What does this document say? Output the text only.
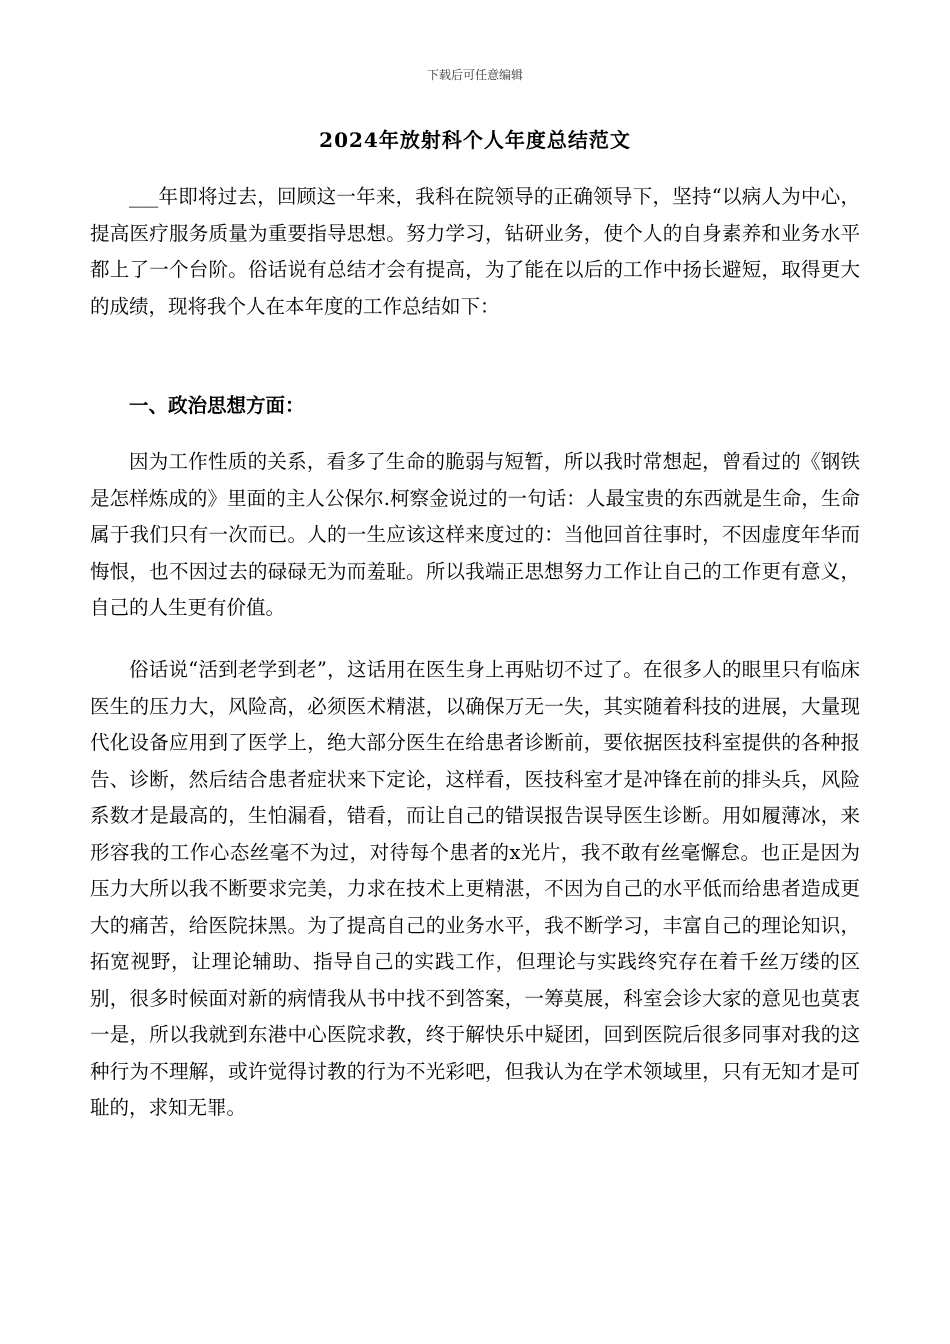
下载后可任意编辑
2024年放射科个人年度总结范文

___年即将过去，回顾这一年来，我科在院领导的正确领导下，坚持“以病人为中心，提高医疗服务质量为重要指导思想。努力学习，钻研业务，使个人的自身素养和业务水平都上了一个台阶。俗话说有总结才会有提高，为了能在以后的工作中扬长避短，取得更大的成绩，现将我个人在本年度的工作总结如下：

一、政治思想方面：

因为工作性质的关系，看多了生命的脆弱与短暂，所以我时常想起，曾看过的《钢铁是怎样炼成的》里面的主人公保尔.柯察金说过的一句话：人最宝贵的东西就是生命，生命属于我们只有一次而已。人的一生应该这样来度过的：当他回首往事时，不因虚度年华而悔恨，也不因过去的碌碌无为而羞耻。所以我端正思想努力工作让自己的工作更有意义，自己的人生更有价值。

俗话说“活到老学到老”，这话用在医生身上再贴切不过了。在很多人的眼里只有临床医生的压力大，风险高，必须医术精湛，以确保万无一失，其实随着科技的进展，大量现代化设备应用到了医学上，绝大部分医生在给患者诊断前，要依据医技科室提供的各种报告、诊断，然后结合患者症状来下定论，这样看，医技科室才是冲锋在前的排头兵，风险系数才是最高的，生怕漏看，错看，而让自己的错误报告误导医生诊断。用如履薄冰，来形容我的工作心态丝毫不为过，对待每个患者的x光片，我不敢有丝毫懈怠。也正是因为压力大所以我不断要求完美，力求在技术上更精湛，不因为自己的水平低而给患者造成更大的痛苦，给医院抹黑。为了提高自己的业务水平，我不断学习，丰富自己的理论知识，拓宽视野，让理论辅助、指导自己的实践工作，但理论与实践终究存在着千丝万缕的区别，很多时候面对新的病情我从书中找不到答案，一筹莫展，科室会诊大家的意见也莫衷一是，所以我就到东港中心医院求教，终于解快乐中疑团，回到医院后很多同事对我的这种行为不理解，或许觉得讨教的行为不光彩吧，但我认为在学术领域里，只有无知才是可耻的，求知无罪。
